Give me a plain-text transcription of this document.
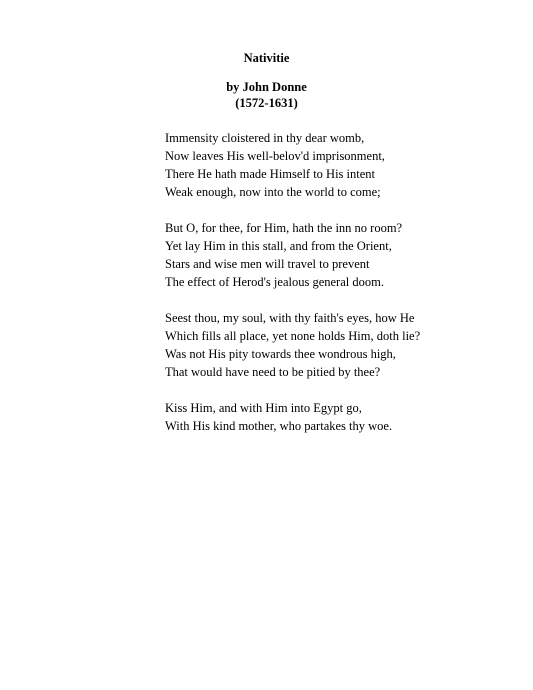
Nativitie
by John Donne
(1572-1631)
Immensity cloistered in thy dear womb,
Now leaves His well-belov'd imprisonment,
There He hath made Himself to His intent
Weak enough, now into the world to come;
But O, for thee, for Him, hath the inn no room?
Yet lay Him in this stall, and from the Orient,
Stars and wise men will travel to prevent
The effect of Herod's jealous general doom.
Seest thou, my soul, with thy faith's eyes, how He
Which fills all place, yet none holds Him, doth lie?
Was not His pity towards thee wondrous high,
That would have need to be pitied by thee?
Kiss Him, and with Him into Egypt go,
With His kind mother, who partakes thy woe.
